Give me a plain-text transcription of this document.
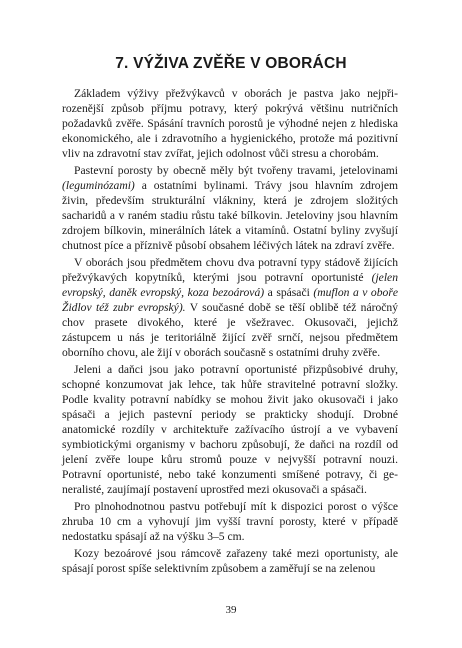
7. VÝŽIVA ZVĚŘE V OBORÁCH

Základem výživy přežvýkavců v oborách je pastva jako nejpřirozenější způsob příjmu potravy, který pokrývá většinu nutričních požadavků zvěře. Spásání travních porostů je výhodné nejen z hlediska ekonomického, ale i zdravotního a hygienického, protože má pozitivní vliv na zdravotní stav zvířat, jejich odolnost vůči stresu a chorobám.

Pastevní porosty by obecně měly být tvořeny travami, jetelovinami (leguminózami) a ostatními bylinami. Trávy jsou hlavním zdrojem živin, především strukturální vlákniny, která je zdrojem složitých sacharidů a v raném stadiu růstu také bílkovin. Jeteloviny jsou hlavním zdrojem bílkovin, minerálních látek a vitamínů. Ostatní byliny zvyšují chutnost píce a příznivě působí obsahem léčivých látek na zdraví zvěře.

V oborách jsou předmětem chovu dva potravní typy stádově žijících přežvýkavých kopytníků, kterými jsou potravní oportunisté (jelen evropský, daněk evropský, koza bezoárová) a spásači (muflon a v oboře Židlov též zubr evropský). V současné době se těší oblibě též náročný chov prasete divokého, které je všežravec. Okusovači, jejichž zástupcem u nás je teritoriálně žijící zvěř srnčí, nejsou předmětem oborního chovu, ale žijí v oborách současně s ostatními druhy zvěře.

Jeleni a daňci jsou jako potravní oportunisté přizpůsobivé druhy, schopné konzumovat jak lehce, tak hůře stravitelné potravní složky. Podle kvality potravní nabídky se mohou živit jako okusovači i jako spásači a jejich pastevní periody se prakticky shodují. Drobné anatomické rozdíly v architektuře zažívacího ústrojí a ve vybavení symbiotickými organismy v bachoru způsobují, že daňci na rozdíl od jelení zvěře loupe kůru stromů pouze v nejvyšší potravní nouzi. Potravní oportunisté, nebo také konzumenti smíšené potravy, či generalisté, zaujímají postavení uprostřed mezi okusovači a spásači.

Pro plnohodnotnou pastvu potřebují mít k dispozici porost o výšce zhruba 10 cm a vyhovují jim vyšší travní porosty, které v případě nedostatku spásají až na výšku 3–5 cm.

Kozy bezoárové jsou rámcově zařazeny také mezi oportunisty, ale spásají porost spíše selektivním způsobem a zaměřují se na zelenou

39
